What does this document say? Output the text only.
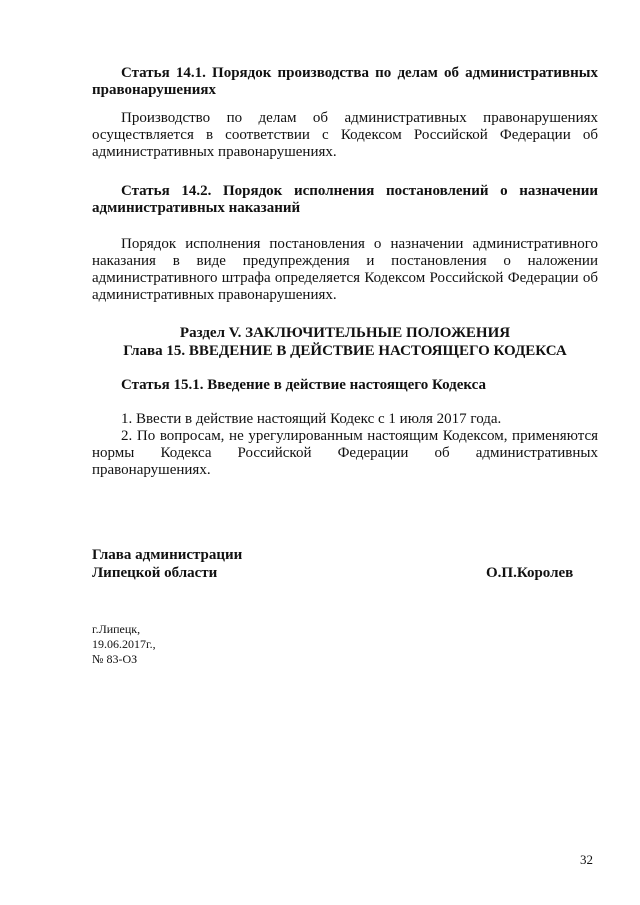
Статья 14.1. Порядок производства по делам об административных правонарушениях

Производство по делам об административных правонарушениях осуществляется в соответствии с Кодексом Российской Федерации об административных правонарушениях.

Статья 14.2. Порядок исполнения постановлений о назначении административных наказаний

Порядок исполнения постановления о назначении административного наказания в виде предупреждения и постановления о наложении административного штрафа определяется Кодексом Российской Федерации об административных правонарушениях.

Раздел V. ЗАКЛЮЧИТЕЛЬНЫЕ ПОЛОЖЕНИЯ

Глава 15. ВВЕДЕНИЕ В ДЕЙСТВИЕ НАСТОЯЩЕГО КОДЕКСА

Статья 15.1. Введение в действие настоящего Кодекса

1. Ввести в действие настоящий Кодекс с 1 июля 2017 года.

2. По вопросам, не урегулированным настоящим Кодексом, применяются нормы Кодекса Российской Федерации об административных правонарушениях.

Глава администрации

Липецкой области	О.П.Королев

г.Липецк,

19.06.2017г.,

№ 83-ОЗ

32
